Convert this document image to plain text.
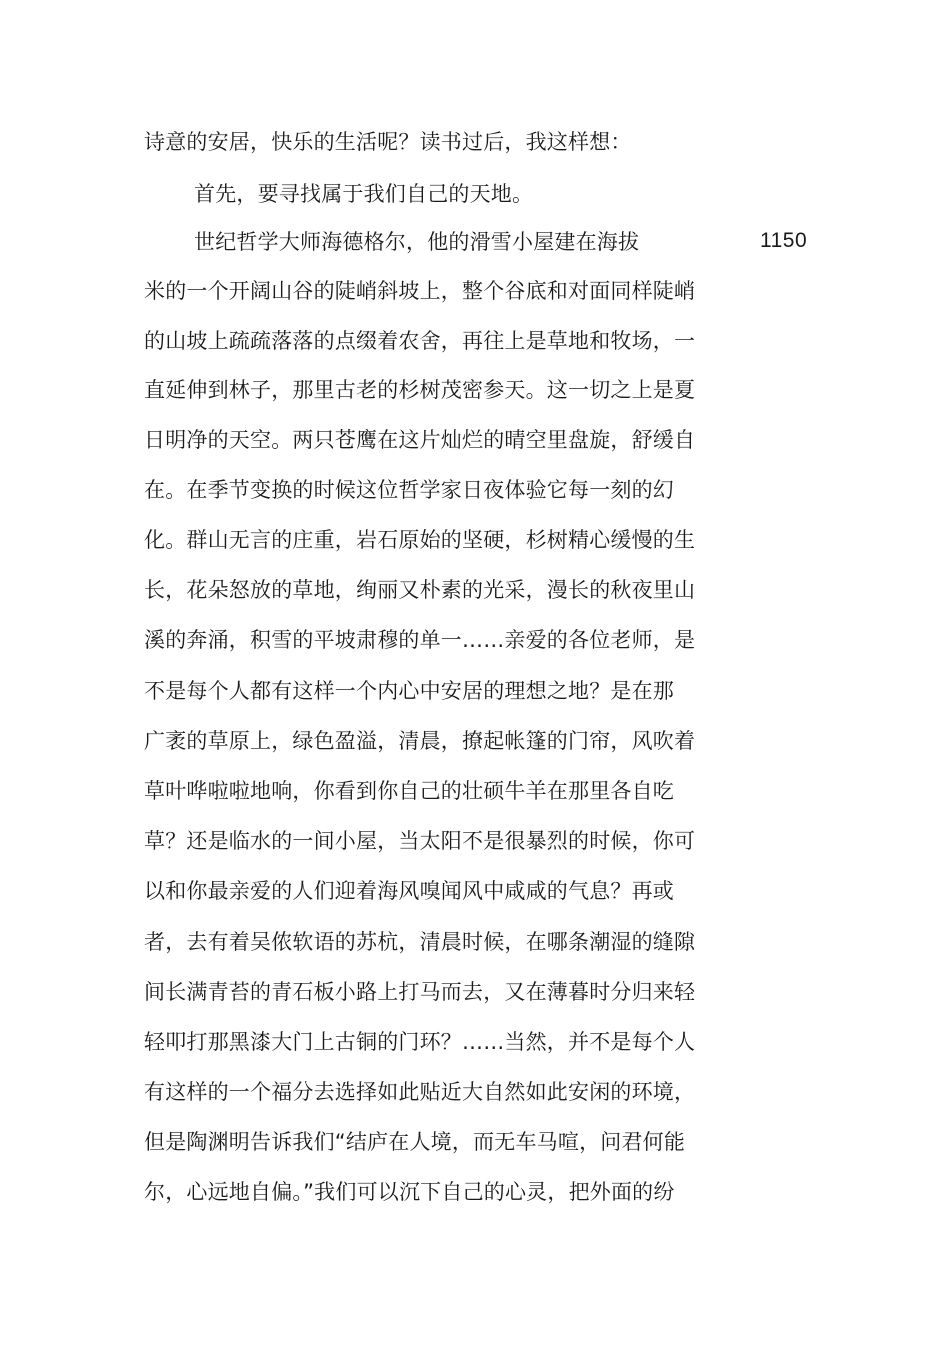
诗意的安居，快乐的生活呢？读书过后，我这样想：
首先，要寻找属于我们自己的天地。
世纪哲学大师海德格尔，他的滑雪小屋建在海拔	1150
米的一个开阔山谷的陡峭斜坡上，整个谷底和对面同样陡峭
的山坡上疏疏落落的点缀着农舍，再往上是草地和牧场，一
直延伸到林子，那里古老的杉树茂密参天。这一切之上是夏
日明净的天空。两只苍鹰在这片灿烂的晴空里盘旋，舒缓自
在。在季节变换的时候这位哲学家日夜体验它每一刻的幻
化。群山无言的庄重，岩石原始的坚硬，杉树精心缓慢的生
长，花朵怒放的草地，绚丽又朴素的光采，漫长的秋夜里山
溪的奔涌，积雪的平坡肃穆的单一……亲爱的各位老师，是
不是每个人都有这样一个内心中安居的理想之地？是在那
广袤的草原上，绿色盈溢，清晨，撩起帐篷的门帘，风吹着
草叶哗啦啦地响，你看到你自己的壮硕牛羊在那里各自吃
草？还是临水的一间小屋，当太阳不是很暴烈的时候，你可
以和你最亲爱的人们迎着海风嗅闻风中咸咸的气息？再或
者，去有着吴侬软语的苏杭，清晨时候，在哪条潮湿的缝隙
间长满青苔的青石板小路上打马而去，又在薄暮时分归来轻
轻叩打那黑漆大门上古铜的门环？……当然，并不是每个人
有这样的一个福分去选择如此贴近大自然如此安闲的环境，
但是陶渊明告诉我们“结庐在人境，而无车马喧，问君何能
尔，心远地自偏。”我们可以沉下自己的心灵，把外面的纷
